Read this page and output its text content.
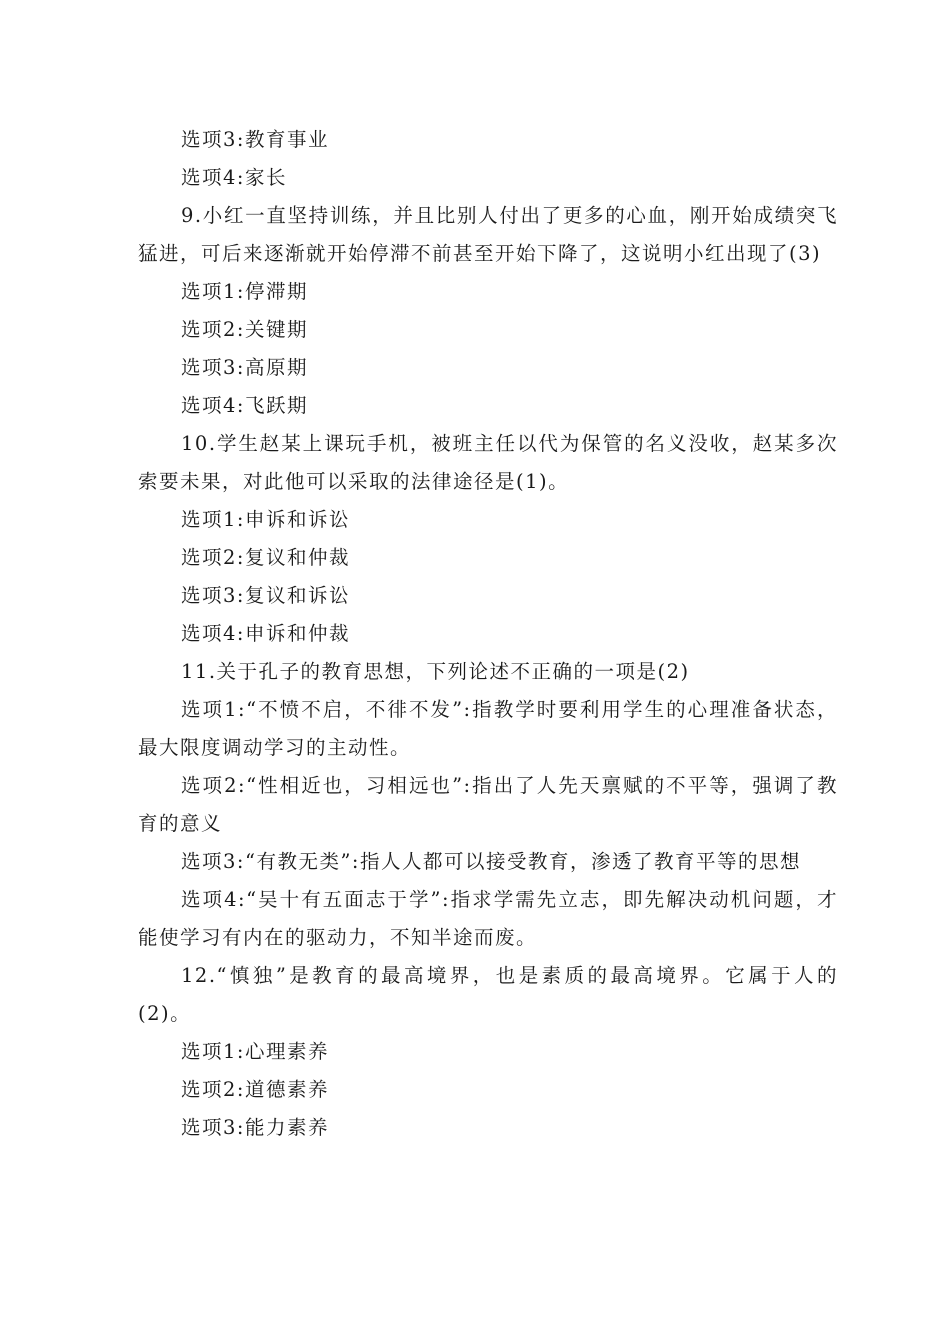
选项3:教育事业

选项4:家长

9.小红一直坚持训练，并且比别人付出了更多的心血，刚开始成绩突飞猛进，可后来逐渐就开始停滞不前甚至开始下降了，这说明小红出现了(3)

选项1:停滞期

选项2:关键期

选项3:高原期

选项4:飞跃期

10.学生赵某上课玩手机，被班主任以代为保管的名义没收，赵某多次索要未果，对此他可以采取的法律途径是(1)。

选项1:申诉和诉讼

选项2:复议和仲裁

选项3:复议和诉讼

选项4:申诉和仲裁

11.关于孔子的教育思想，下列论述不正确的一项是(2)

选项1:“不愤不启，不徘不发”:指教学时要利用学生的心理准备状态，最大限度调动学习的主动性。

选项2:“性相近也，习相远也”:指出了人先天禀赋的不平等，强调了教育的意义

选项3:“有教无类”:指人人都可以接受教育，渗透了教育平等的思想

选项4:“吴十有五面志于学”:指求学需先立志，即先解决动机问题，才能使学习有内在的驱动力，不知半途而废。

12.“慎独”是教育的最高境界，也是素质的最高境界。它属于人的(2)。

选项1:心理素养

选项2:道德素养

选项3:能力素养
